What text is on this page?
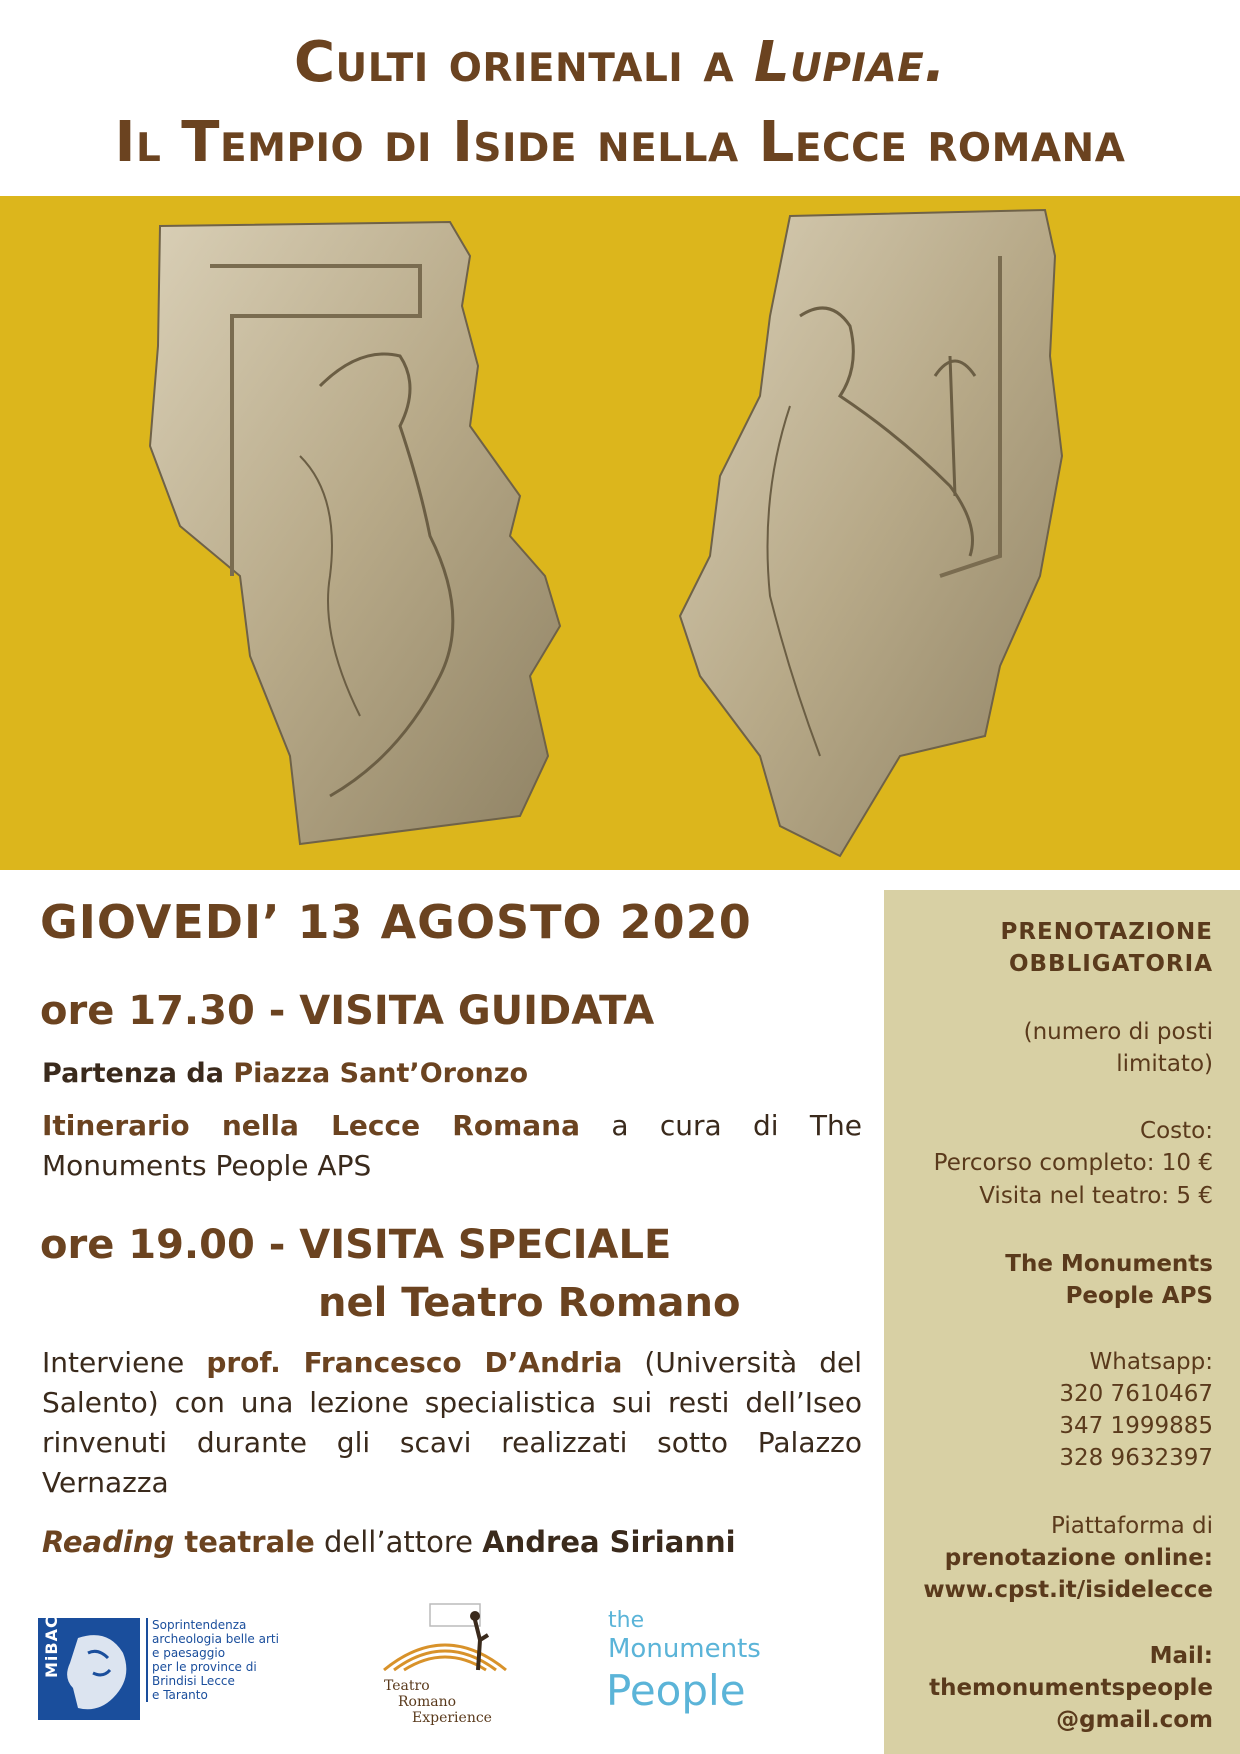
Culti orientali a Lupiae.
Il Tempio di Iside nella Lecce romana
GIOVEDI’ 13 AGOSTO 2020
ore 17.30 - VISITA GUIDATA
Partenza da Piazza Sant’Oronzo
Itinerario nella Lecce Romana a cura di The Monuments People APS
ore 19.00 - VISITA SPECIALE
nel Teatro Romano
Interviene prof. Francesco D’Andria (Università del Salento) con una lezione specialistica sui resti dell’Iseo rinvenuti durante gli scavi realizzati sotto Palazzo Vernazza
Reading teatrale dell’attore Andrea Sirianni
PRENOTAZIONE
OBBLIGATORIA
(numero di posti
limitato)
Costo:
Percorso completo: 10 €
Visita nel teatro: 5 €
The Monuments
People APS
Whatsapp:
320 7610467
347 1999885
328 9632397
Piattaforma di
prenotazione online:
www.cpst.it/isidelecce
Mail:
themonumentspeople
@gmail.com
MiBACT	Soprintendenza
archeologia belle arti
e paesaggio
per le province di
Brindisi Lecce
e Taranto
Teatro
Romano
Experience
the
Monuments
People
